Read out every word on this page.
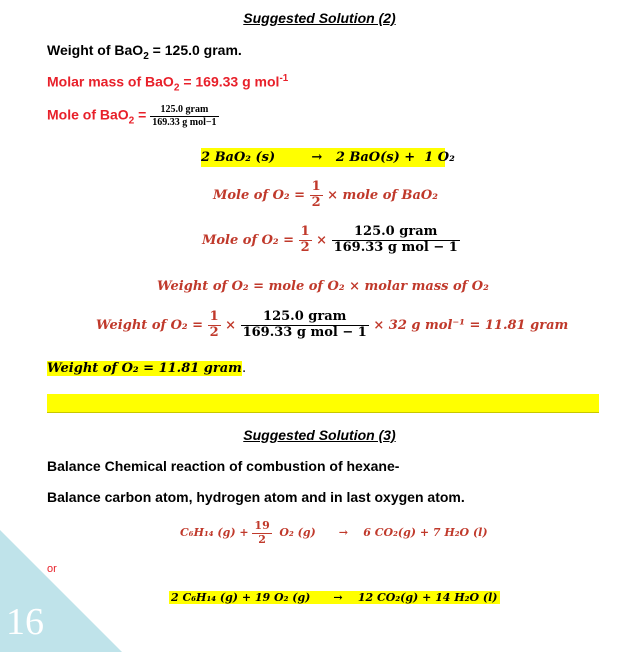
Suggested Solution (2)
Weight of BaO$_2$ = 125.0 gram.
Molar mass of BaO$_2$ = 169.33 g mol$^{-1}$
Mole of $BaO_2 = \frac{\text{125.0 gram}}{\text{169.33 g mol−1}}$
2 BaO₂ (s)        →   2 BaO(s) +  1 O₂
Mole of $O_2 = \frac{1}{2}$ × mole of BaO₂
Mole of $O_2 = \frac{1}{2} \times \frac{\text{125.0 gram}}{\text{169.33 g mol − 1}}$
Weight of O₂ = mole of O₂ × molar mass of O₂
Weight of $O_2 = \frac{1}{2} \times \frac{\text{125.0 gram}}{\text{169.33 g mol − 1}} \times 32$ g mol⁻¹ = 11.81 gram
Weight of O₂ = 11.81 gram.
Suggested Solution (3)
Balance Chemical reaction of combustion of hexane-
Balance carbon atom, hydrogen atom and in last oxygen atom.
C₆H₁₄ $(g) + \frac{19}{2} O_2$ (g)      →    6 CO₂(g) + 7 H₂O (l)
or
2 C₆H₁₄ (g) + 19 O₂ (g)      →    12 CO₂(g) + 14 H₂O (l)
16
